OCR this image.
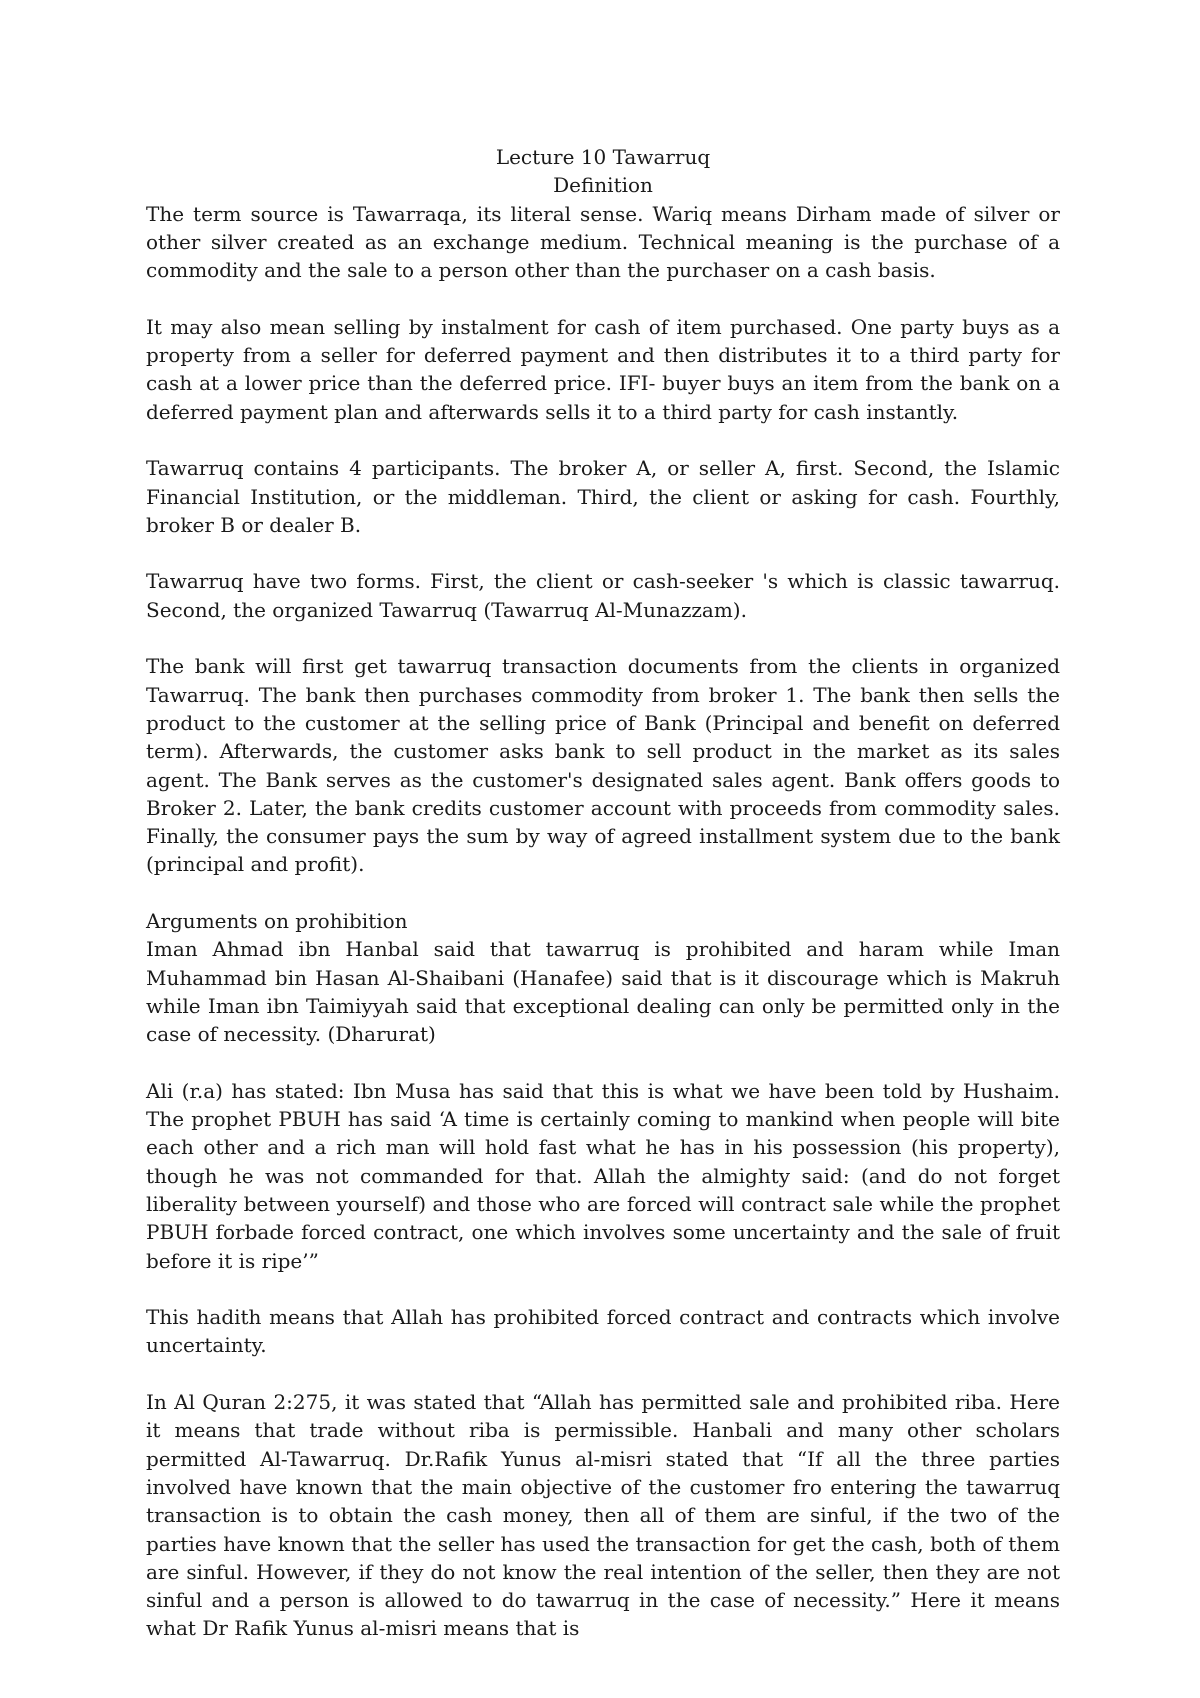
Lecture 10 Tawarruq
Definition

The term source is Tawarraqa, its literal sense. Wariq means Dirham made of silver or other silver created as an exchange medium. Technical meaning is the purchase of a commodity and the sale to a person other than the purchaser on a cash basis.

It may also mean selling by instalment for cash of item purchased. One party buys as a property from a seller for deferred payment and then distributes it to a third party for cash at a lower price than the deferred price. IFI- buyer buys an item from the bank on a deferred payment plan and afterwards sells it to a third party for cash instantly.

Tawarruq contains 4 participants. The broker A, or seller A, first. Second, the Islamic Financial Institution, or the middleman. Third, the client or asking for cash. Fourthly, broker B or dealer B.

Tawarruq have two forms. First, the client or cash-seeker 's which is classic tawarruq. Second, the organized Tawarruq (Tawarruq Al-Munazzam).

The bank will first get tawarruq transaction documents from the clients in organized Tawarruq. The bank then purchases commodity from broker 1. The bank then sells the product to the customer at the selling price of Bank (Principal and benefit on deferred term). Afterwards, the customer asks bank to sell product in the market as its sales agent. The Bank serves as the customer's designated sales agent. Bank offers goods to Broker 2. Later, the bank credits customer account with proceeds from commodity sales. Finally, the consumer pays the sum by way of agreed installment system due to the bank (principal and profit).

Arguments on prohibition

Iman Ahmad ibn Hanbal said that tawarruq is prohibited and haram while Iman Muhammad bin Hasan Al-Shaibani (Hanafee) said that is it discourage which is Makruh while Iman ibn Taimiyyah said that exceptional dealing can only be permitted only in the case of necessity. (Dharurat)

Ali (r.a) has stated: Ibn Musa has said that this is what we have been told by Hushaim. The prophet PBUH has said ‘A time is certainly coming to mankind when people will bite each other and a rich man will hold fast what he has in his possession (his property), though he was not commanded for that. Allah the almighty said: (and do not forget liberality between yourself) and those who are forced will contract sale while the prophet PBUH forbade forced contract, one which involves some uncertainty and the sale of fruit before it is ripe’”

This hadith means that Allah has prohibited forced contract and contracts which involve uncertainty.

In Al Quran 2:275, it was stated that “Allah has permitted sale and prohibited riba. Here it means that trade without riba is permissible. Hanbali and many other scholars permitted Al-Tawarruq. Dr.Rafik Yunus al-misri stated that “If all the three parties involved have known that the main objective of the customer fro entering the tawarruq transaction is to obtain the cash money, then all of them are sinful, if the two of the parties have known that the seller has used the transaction for get the cash, both of them are sinful. However, if they do not know the real intention of the seller, then they are not sinful and a person is allowed to do tawarruq in the case of necessity.” Here it means what Dr Rafik Yunus al-misri means that is
